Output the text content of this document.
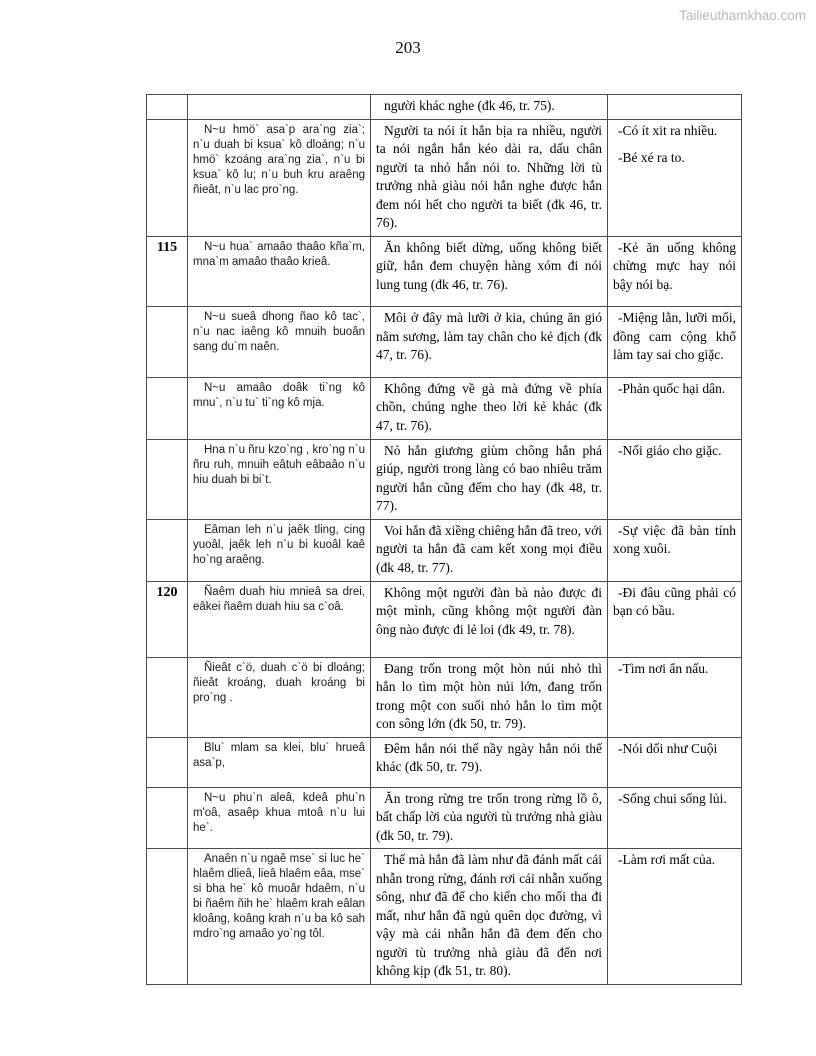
Tailieuthamkhao.com
203

		người khác nghe (đk 46, tr. 75).	

	N~u hmö` asa`p ara`ng zia`; n`u duah bi ksua` kô dloáng; n`u hmö` kzoáng ara`ng zia`, n`u bi ksua` kô lu; n`u buh kru araêng ñieât, n`u lac pro`ng.	Người ta nói ít hắn bịa ra nhiều, người ta nói ngắn hắn kéo dài ra, dấu chân người ta nhỏ hắn nói to. Những lời tù trưởng nhà giàu nói hắn nghe được hắn đem nói hết cho người ta biết (đk 46, tr. 76).	-Có ít xit ra nhiều.

-Bé xé ra to.

115	N~u hua` amaâo thaâo kña`m, mna`m amaâo thaâo krieâ.	Ăn không biết dừng, uống không biết giữ, hắn đem chuyện hàng xóm đi nói lung tung (đk 46, tr. 76).	-Kẻ ăn uống không chừng mực hay nói bậy nói bạ.

	N~u sueâ dhong ñao kô tac`, n`u nac iaêng kô mnuih buoân sang du`m naên.	Môi ở đây mà lưỡi ở kia, chúng ăn gió nằm sương, làm tay chân cho kẻ địch (đk 47, tr. 76).	-Miệng lằn, lưỡi mối, đồng cam cộng khổ làm tay sai cho giặc.

	N~u amaâo doâk ti`ng kô mnu`, n`u tu` ti`ng kô mja.	Không đứng về gà mà đứng về phía chồn, chúng nghe theo lời kẻ khác (đk 47, tr. 76).	-Phản quốc hại dân.

	Hna n`u ñru kzo`ng , kro`ng n`u ñru ruh, mnuih eâtuh eâbaâo n`u hiu duah bi bi`t.	Nỏ hắn giương giùm chông hắn phá giúp, người trong làng có bao nhiêu trăm người hắn cũng đếm cho hay (đk 48, tr. 77).	-Nối giáo cho giặc.

	Eâman leh n`u jaêk tling, cing yuoâl, jaêk leh n`u bi kuoâl kaê ho`ng araêng.	Voi hắn đã xiềng chiêng hắn đã treo, với người ta hắn đã cam kết xong mọi điều (đk 48, tr. 77).	-Sự việc đã bàn tính xong xuôi.

120	Ñaêm duah hiu mnieâ sa drei, eâkei ñaêm duah hiu sa c`oâ.	Không một người đàn bà nào được đi một mình, cũng không một người đàn ông nào được đi lẻ loi (đk 49, tr. 78).	-Đi đâu cũng phải có bạn có bầu.

	Ñieât c`ö, duah c`ö bi dloáng; ñieât kroáng, duah kroáng bi pro`ng .	Đang trốn trong một hòn núi nhỏ thì hắn lo tìm một hòn núi lớn, đang trốn trong một con suối nhỏ hắn lo tìm một con sông lớn (đk 50, tr. 79).	-Tìm nơi ẩn nấu.

	Blu` mlam sa klei, blu` hrueâ asa`p,	Đêm hắn nói thế nầy ngày hắn nói thế khác (đk 50, tr. 79).	-Nói dối như Cuội

	N~u phu`n aleâ, kdeâ phu`n m'oâ, asaêp khua mtoâ n`u lui he`.	Ăn trong rừng tre trốn trong rừng lồ ô, bất chấp lời của người tù trưởng nhà giàu (đk 50, tr. 79).	-Sống chui sống lủi.

	Anaên n`u ngaê mse` si luc he` hlaêm dlieâ, lieâ hlaêm eâa, mse` si bha he` kô muoâr hdaêm, n`u bi ñaêm ñih he` hlaêm krah eâlan kloâng, koâng krah n`u ba kô sah mdro`ng amaâo yo`ng tôl.	Thế mà hắn đã làm như đã đánh mất cái nhẫn trong rừng, đánh rơi cái nhẫn xuống sông, như đã để cho kiến cho mối tha đi mất, như hắn đã ngủ quên dọc đường, vì vậy mà cái nhẫn hắn đã đem đến cho người tù trưởng nhà giàu đã đến nơi không kịp (đk 51, tr. 80).	-Làm rơi mất của.
